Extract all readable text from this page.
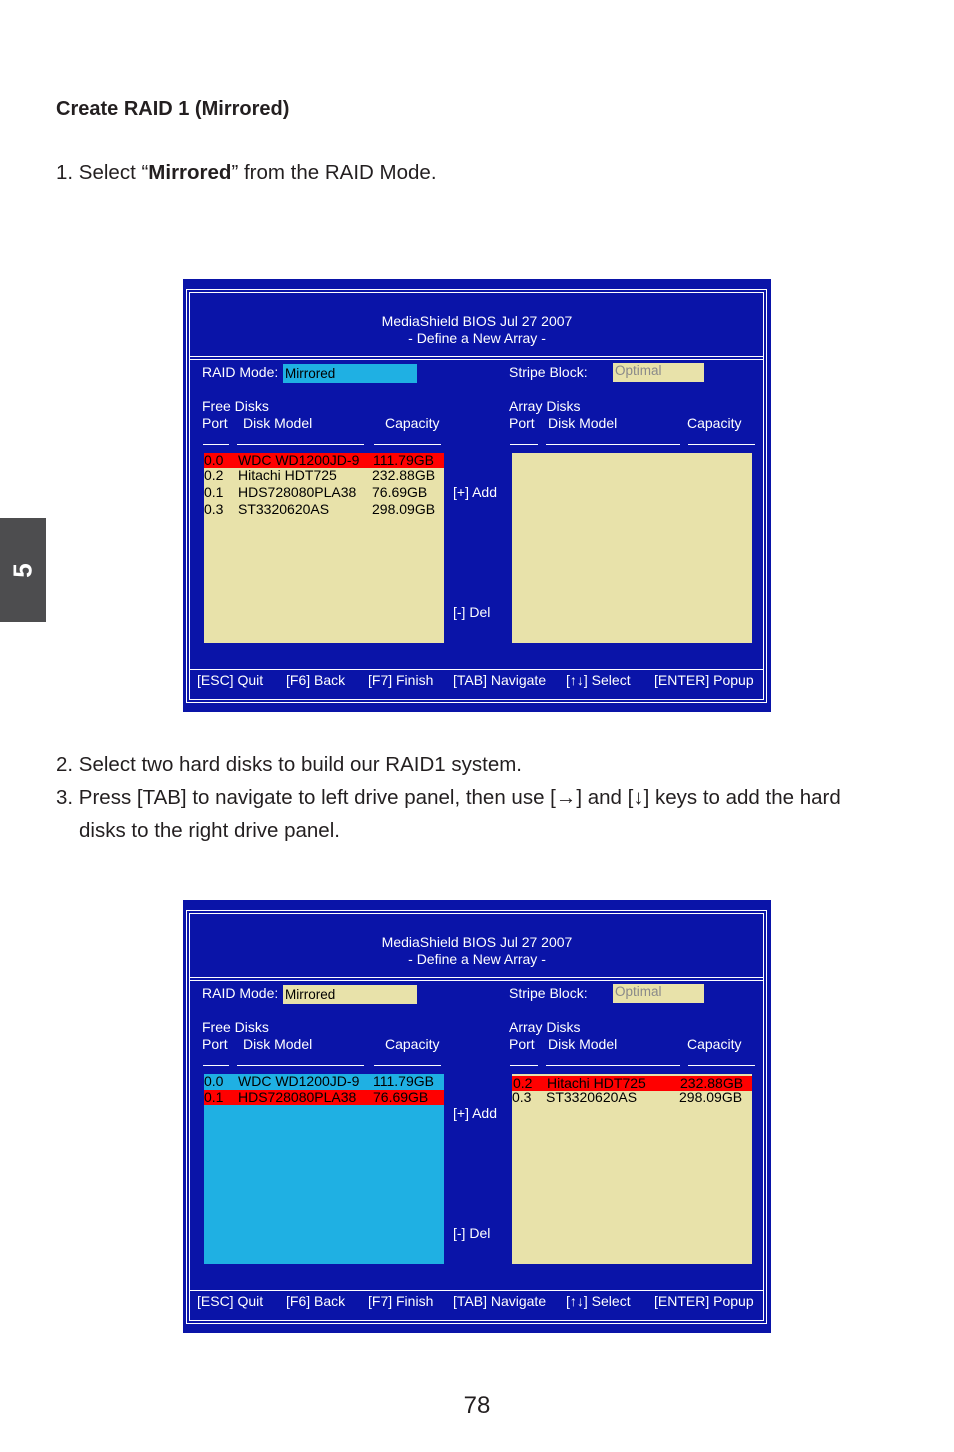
Create RAID 1 (Mirrored)
1. Select “Mirrored” from the RAID Mode.
5
MediaShield BIOS Jul 27 2007
- Define a New Array -
RAID Mode: Mirrored	Stripe Block: Optimal
Free Disks
Port Disk Model	Capacity
Array Disks
Port Disk Model	Capacity
0.0 WDC WD1200JD-9 111.79GB
0.2 Hitachi HDT725	232.88GB
0.1 HDS728080PLA38 76.69GB
0.3 ST3320620AS	298.09GB
[+] Add
[-] Del
[ESC] Quit [F6] Back [F7] Finish [TAB] Navigate [↑↓] Select [ENTER] Popup
2. Select two hard disks to build our RAID1 system.
3. Press [TAB] to navigate to left drive panel, then use [→] and [↓] keys to add the hard
disks to the right drive panel.
MediaShield BIOS Jul 27 2007
- Define a New Array -
RAID Mode: Mirrored	Stripe Block: Optimal
Free Disks
Port Disk Model	Capacity
Array Disks
Port Disk Model	Capacity
0.0 WDC WD1200JD-9 111.79GB
0.1 HDS728080PLA38 76.69GB
[+] Add
[-] Del
0.2 Hitachi HDT725 232.88GB
0.3 ST3320620AS	298.09GB
[ESC] Quit [F6] Back [F7] Finish [TAB] Navigate [↑↓] Select [ENTER] Popup
78
